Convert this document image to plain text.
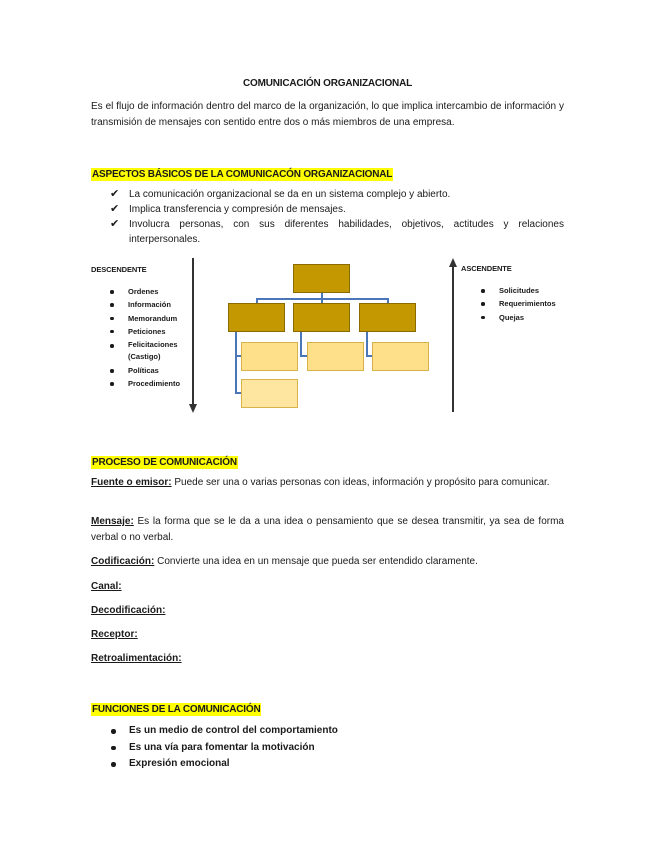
COMUNICACIÓN ORGANIZACIONAL
Es el flujo de información dentro del marco de la organización, lo que implica intercambio de información y transmisión de mensajes con sentido entre dos o más miembros de una empresa.
ASPECTOS BÁSICOS DE LA COMUNICACÓN ORGANIZACIONAL
✔ La comunicación organizacional se da en un sistema complejo y abierto.
✔ Implica transferencia y compresión de mensajes.
✔ Involucra personas, con sus diferentes habilidades, objetivos, actitudes y relaciones interpersonales.
DESCENDENTE
Ordenes
Información
Memorandum
Peticiones
Felicitaciones (Castigo)
Políticas
Procedimiento
ASCENDENTE
Solicitudes
Requerimientos
Quejas
PROCESO DE COMUNICACIÓN
Fuente o emisor: Puede ser una o varias personas con ideas, información y propósito para comunicar.
Mensaje: Es la forma que se le da a una idea o pensamiento que se desea transmitir, ya sea de forma verbal o no verbal.
Codificación: Convierte una idea en un mensaje que pueda ser entendido claramente.
Canal:
Decodificación:
Receptor:
Retroalimentación:
FUNCIONES DE LA COMUNICACIÓN
Es un medio de control del comportamiento
Es una vía para fomentar la motivación
Expresión emocional
